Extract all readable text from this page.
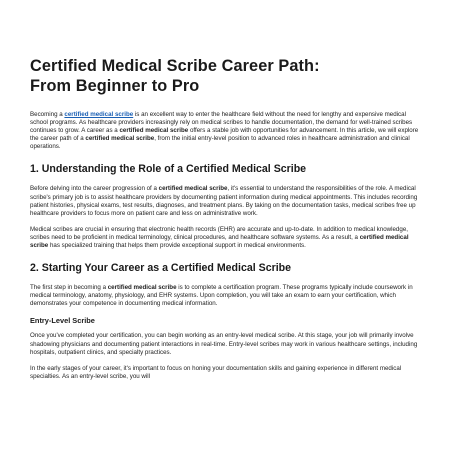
Certified Medical Scribe Career Path:
From Beginner to Pro

Becoming a certified medical scribe is an excellent way to enter the healthcare field without the need for lengthy and expensive medical school programs. As healthcare providers increasingly rely on medical scribes to handle documentation, the demand for well-trained scribes continues to grow. A career as a certified medical scribe offers a stable job with opportunities for advancement. In this article, we will explore the career path of a certified medical scribe, from the initial entry-level position to advanced roles in healthcare administration and clinical operations.

1. Understanding the Role of a Certified Medical Scribe

Before delving into the career progression of a certified medical scribe, it's essential to understand the responsibilities of the role. A medical scribe's primary job is to assist healthcare providers by documenting patient information during medical appointments. This includes recording patient histories, physical exams, test results, diagnoses, and treatment plans. By taking on the documentation tasks, medical scribes free up healthcare providers to focus more on patient care and less on administrative work.

Medical scribes are crucial in ensuring that electronic health records (EHR) are accurate and up-to-date. In addition to medical knowledge, scribes need to be proficient in medical terminology, clinical procedures, and healthcare software systems. As a result, a certified medical scribe has specialized training that helps them provide exceptional support in medical environments.

2. Starting Your Career as a Certified Medical Scribe

The first step in becoming a certified medical scribe is to complete a certification program. These programs typically include coursework in medical terminology, anatomy, physiology, and EHR systems. Upon completion, you will take an exam to earn your certification, which demonstrates your competence in documenting medical information.

Entry-Level Scribe

Once you've completed your certification, you can begin working as an entry-level medical scribe. At this stage, your job will primarily involve shadowing physicians and documenting patient interactions in real-time. Entry-level scribes may work in various healthcare settings, including hospitals, outpatient clinics, and specialty practices.

In the early stages of your career, it's important to focus on honing your documentation skills and gaining experience in different medical specialties. As an entry-level scribe, you will
